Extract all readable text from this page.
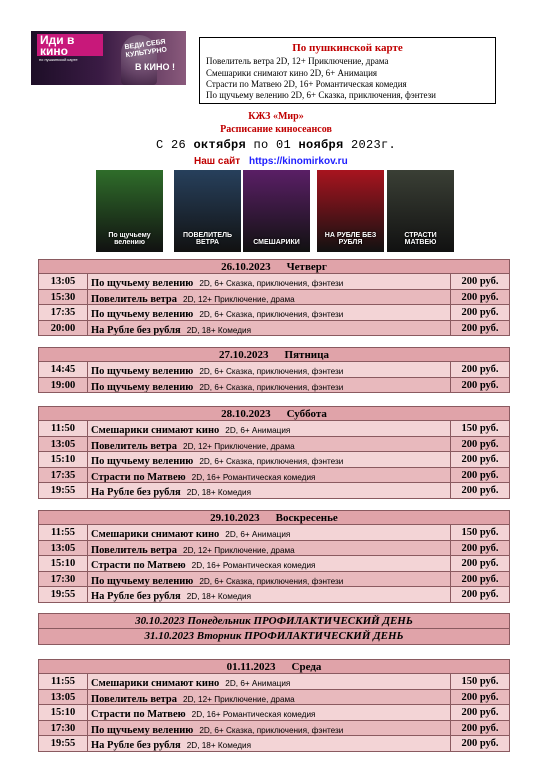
Иди в кино
по пушкинской карте
ВЕДИ СЕБЯ КУЛЬТУРНО
В КИНО !
По пушкинской карте
Повелитель ветра 2D, 12+ Приключение, драма
Смешарики снимают кино 2D, 6+ Анимация
Страсти по Матвею 2D, 16+ Романтическая комедия
По щучьему велению 2D, 6+ Сказка, приключения, фэнтези
КЖЗ «Мир»
Расписание киносеансов
С 26 октября по 01 ноября 2023г.
Наш сайт https://kinomirkov.ru
По щучьему велению
ПОВЕЛИТЕЛЬ ВЕТРА	СМЕШАРИКИ
НА РУБЛЕ БЕЗ РУБЛЯ
СТРАСТИ МАТВЕЮ
26.10.2023 Четверг
13:05	По щучьему велению 2D, 6+ Сказка, приключения, фэнтези	200 руб.
15:30	Повелитель ветра 2D, 12+ Приключение, драма	200 руб.
17:35	По щучьему велению 2D, 6+ Сказка, приключения, фэнтези	200 руб.
20:00	На Рубле без рубля 2D, 18+ Комедия	200 руб.
27.10.2023 Пятница
14:45	По щучьему велению 2D, 6+ Сказка, приключения, фэнтези	200 руб.
19:00	По щучьему велению 2D, 6+ Сказка, приключения, фэнтези	200 руб.
28.10.2023 Суббота
11:50	Смешарики снимают кино 2D, 6+ Анимация	150 руб.
13:05	Повелитель ветра 2D, 12+ Приключение, драма	200 руб.
15:10	По щучьему велению 2D, 6+ Сказка, приключения, фэнтези	200 руб.
17:35	Страсти по Матвею 2D, 16+ Романтическая комедия	200 руб.
19:55	На Рубле без рубля 2D, 18+ Комедия	200 руб.
29.10.2023 Воскресенье
11:55	Смешарики снимают кино 2D, 6+ Анимация	150 руб.
13:05	Повелитель ветра 2D, 12+ Приключение, драма	200 руб.
15:10	Страсти по Матвею 2D, 16+ Романтическая комедия	200 руб.
17:30	По щучьему велению 2D, 6+ Сказка, приключения, фэнтези	200 руб.
19:55	На Рубле без рубля 2D, 18+ Комедия	200 руб.
01.11.2023 Среда
11:55	Смешарики снимают кино 2D, 6+ Анимация	150 руб.
13:05	Повелитель ветра 2D, 12+ Приключение, драма	200 руб.
15:10	Страсти по Матвею 2D, 16+ Романтическая комедия	200 руб.
17:30	По щучьему велению 2D, 6+ Сказка, приключения, фэнтези	200 руб.
19:55	На Рубле без рубля 2D, 18+ Комедия	200 руб.
30.10.2023 Понедельник ПРОФИЛАКТИЧЕСКИЙ ДЕНЬ
31.10.2023 Вторник ПРОФИЛАКТИЧЕСКИЙ ДЕНЬ
